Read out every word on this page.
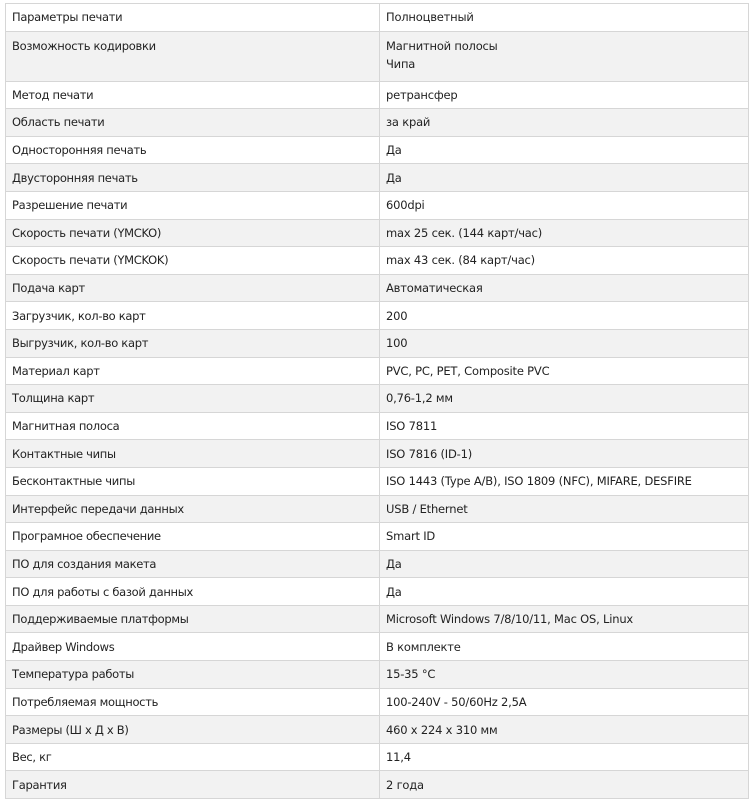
Параметры печати	Полноцветный

Возможность кодировки	Магнитной полосы
Чипа

Метод печати	ретрансфер

Область печати	за край

Односторонняя печать	Да

Двусторонняя печать	Да

Разрешение печати	600dpi

Скорость печати (YMCKO)	max 25 сек. (144 карт/час)

Скорость печати (YMCKOK)	max 43 сек. (84 карт/час)

Подача карт	Автоматическая

Загрузчик, кол-во карт	200

Выгрузчик, кол-во карт	100

Материал карт	PVC, PC, PET, Composite PVC

Толщина карт	0,76-1,2 мм

Магнитная полоса	ISO 7811

Контактные чипы	ISO 7816 (ID-1)

Бесконтактные чипы	ISO 1443 (Type A/B), ISO 1809 (NFC), MIFARE, DESFIRE

Интерфейс передачи данных	USB / Ethernet

Програмное обеспечение	Smart ID

ПО для создания макета	Да

ПО для работы с базой данных	Да

Поддерживаемые платформы	Microsoft Windows 7/8/10/11, Mac OS, Linux

Драйвер Windows	В комплекте

Температура работы	15-35 °C

Потребляемая мощность	100-240V - 50/60Hz 2,5A

Размеры (Ш x Д x В)	460 x 224 x 310 мм

Вес, кг	11,4

Гарантия	2 года
